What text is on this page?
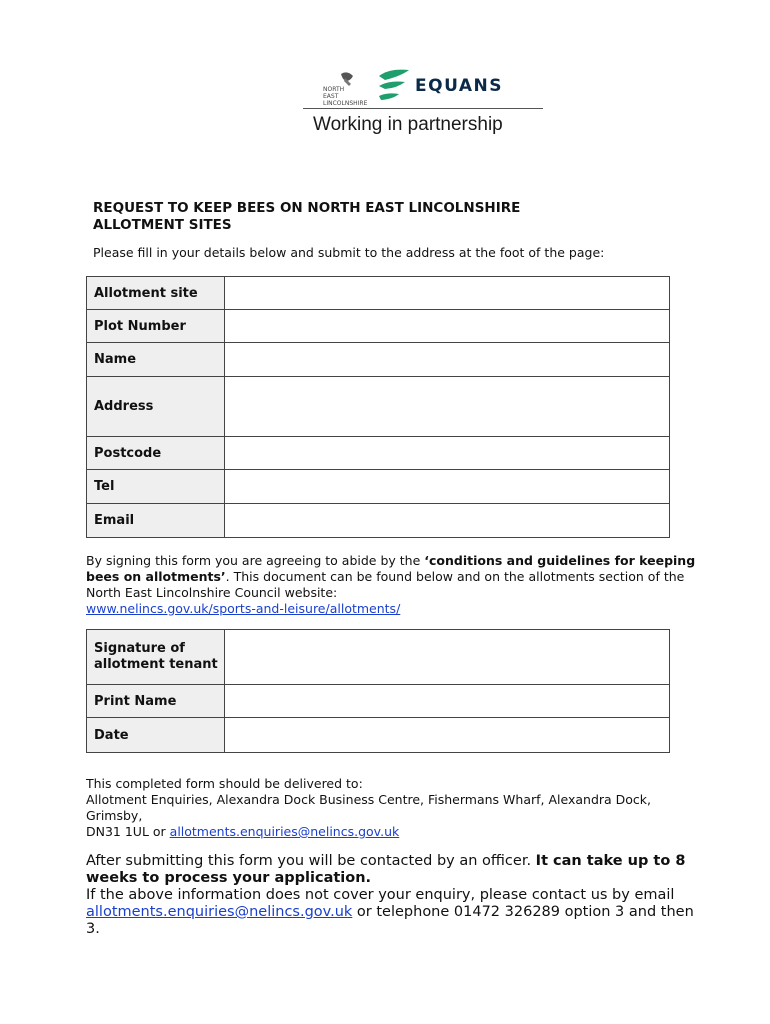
NORTH
EAST
LINCOLNSHIRE
EQUANS
Working in partnership
REQUEST TO KEEP BEES ON NORTH EAST LINCOLNSHIRE
ALLOTMENT SITES
Please fill in your details below and submit to the address at the foot of the page:
Allotment site	
Plot Number	
Name	
Address	
Postcode	
Tel	
Email	
By signing this form you are agreeing to abide by the ‘conditions and guidelines for keeping bees on allotments’. This document can be found below and on the allotments section of the North East Lincolnshire Council website:
www.nelincs.gov.uk/sports-and-leisure/allotments/
Signature of allotment tenant	
Print Name	
Date	
This completed form should be delivered to:
Allotment Enquiries, Alexandra Dock Business Centre, Fishermans Wharf, Alexandra Dock, Grimsby,
DN31 1UL or allotments.enquiries@nelincs.gov.uk
After submitting this form you will be contacted by an officer. It can take up to 8 weeks to process your application.
If the above information does not cover your enquiry, please contact us by email allotments.enquiries@nelincs.gov.uk or telephone 01472 326289 option 3 and then 3.
